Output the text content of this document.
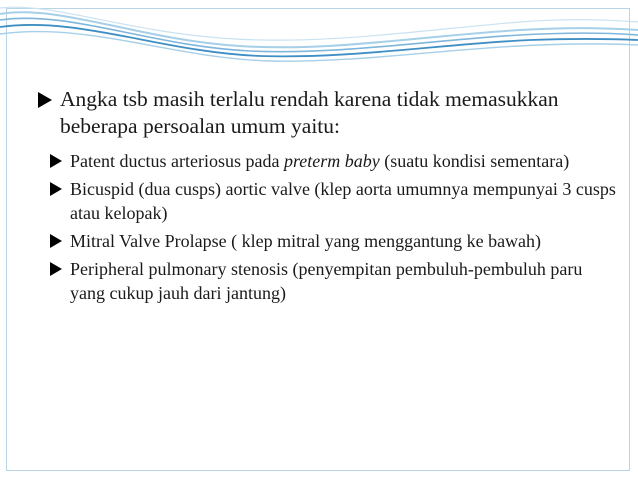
Angka tsb masih terlalu rendah karena tidak memasukkan beberapa persoalan umum yaitu:
Patent ductus arteriosus pada preterm baby (suatu kondisi sementara)
Bicuspid (dua cusps) aortic valve (klep aorta umumnya mempunyai 3 cusps atau kelopak)
Mitral Valve Prolapse ( klep mitral yang menggantung ke bawah)
Peripheral pulmonary stenosis (penyempitan pembuluh-pembuluh paru yang cukup jauh dari jantung)
